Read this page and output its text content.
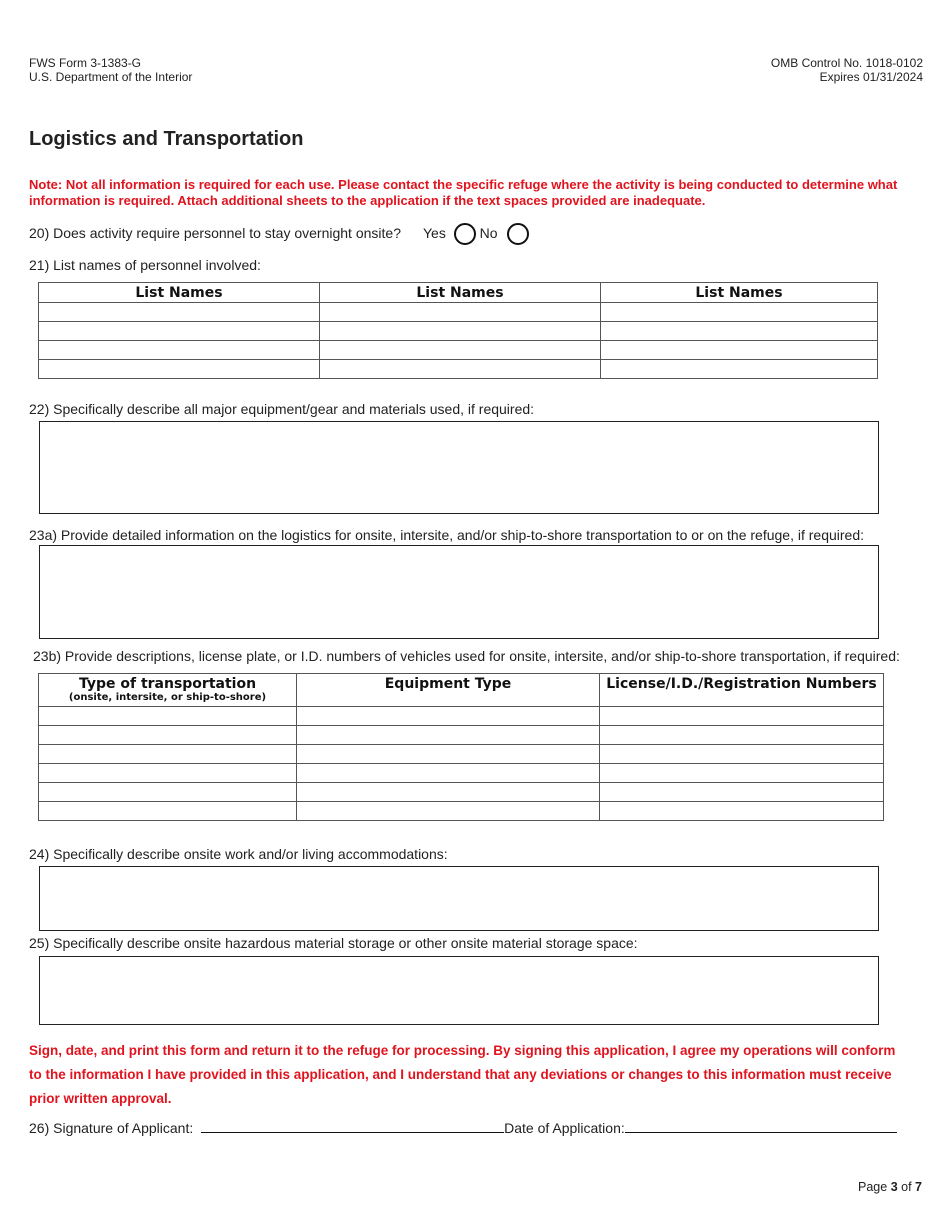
FWS Form 3-1383-G
U.S. Department of the Interior
OMB Control No. 1018-0102
Expires 01/31/2024
Logistics and Transportation
Note: Not all information is required for each use. Please contact the specific refuge where the activity is being conducted to determine what information is required. Attach additional sheets to the application if the text spaces provided are inadequate.
20) Does activity require personnel to stay overnight onsite? Yes No
21) List names of personnel involved:
List Names	List Names	List Names

22) Specifically describe all major equipment/gear and materials used, if required:
23a) Provide detailed information on the logistics for onsite, intersite, and/or ship-to-shore transportation to or on the refuge, if required:
23b) Provide descriptions, license plate, or I.D. numbers of vehicles used for onsite, intersite, and/or ship-to-shore transportation, if required:
Type of transportation
(onsite, intersite, or ship-to-shore)	Equipment Type	License/I.D./Registration Numbers

24) Specifically describe onsite work and/or living accommodations:
25) Specifically describe onsite hazardous material storage or other onsite material storage space:
Sign, date, and print this form and return it to the refuge for processing. By signing this application, I agree my operations will conform to the information I have provided in this application, and I understand that any deviations or changes to this information must receive prior written approval.
26) Signature of Applicant:	Date of Application:
Page 3 of 7
